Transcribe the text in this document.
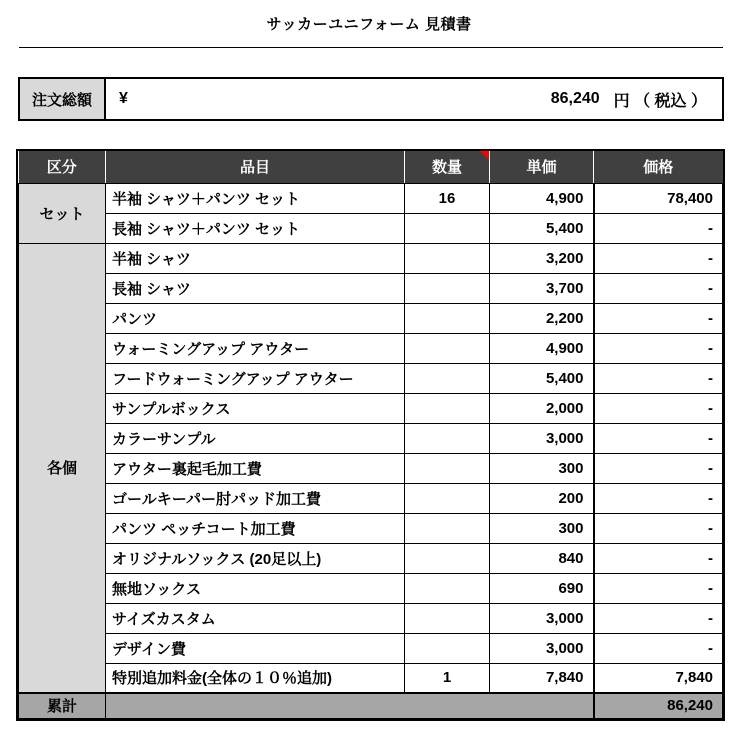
サッカーユニフォーム 見積書
注文総額	¥	86,240 円 （ 税込 ）
区分	品目	数量	単価	価格
セット	半袖 シャツ＋パンツ セット	16	4,900	78,400
	長袖 シャツ＋パンツ セット		5,400	-
各個	半袖 シャツ		3,200	-
	長袖 シャツ		3,700	-
	パンツ		2,200	-
	ウォーミングアップ アウター		4,900	-
	フードウォーミングアップ アウター		5,400	-
	サンプルボックス		2,000	-
	カラーサンプル		3,000	-
	アウター裏起毛加工費		300	-
	ゴールキーパー肘パッド加工費		200	-
	パンツ ペッチコート加工費		300	-
	オリジナルソックス (20足以上)		840	-
	無地ソックス		690	-
	サイズカスタム		3,000	-
	デザイン費		3,000	-
	特別追加料金(全体の１０％追加)	1	7,840	7,840
累計				86,240
